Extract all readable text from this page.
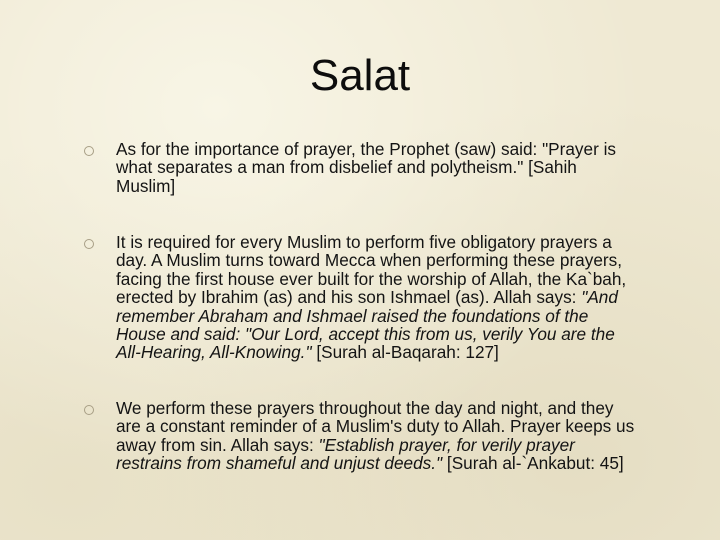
Salat

As for the importance of prayer, the Prophet (saw) said: "Prayer is what separates a man from disbelief and polytheism." [Sahih Muslim]

It is required for every Muslim to perform five obligatory prayers a day. A Muslim turns toward Mecca when performing these prayers, facing the first house ever built for the worship of Allah, the Ka`bah, erected by Ibrahim (as) and his son Ishmael (as). Allah says: "And remember Abraham and Ishmael raised the foundations of the House and said: "Our Lord, accept this from us, verily You are the All-Hearing, All-Knowing." [Surah al-Baqarah: 127]

We perform these prayers throughout the day and night, and they are a constant reminder of a Muslim's duty to Allah. Prayer keeps us away from sin. Allah says: "Establish prayer, for verily prayer restrains from shameful and unjust deeds." [Surah al-`Ankabut: 45]
